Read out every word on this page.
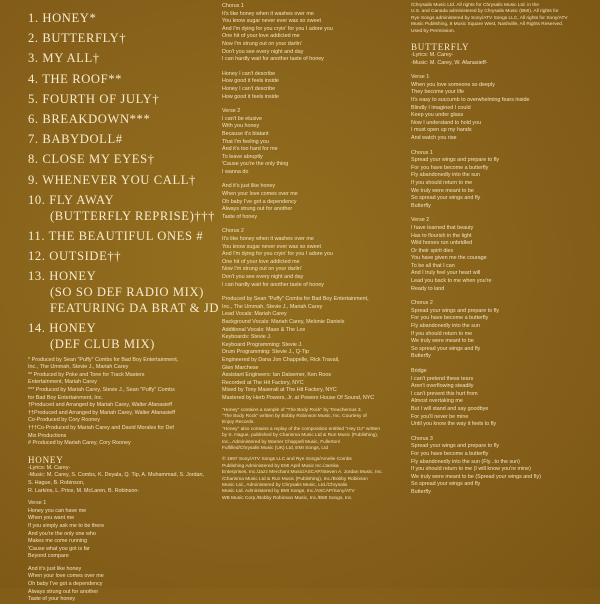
1. HONEY*
2. BUTTERFLY†
3. MY ALL†
4. THE ROOF**
5. FOURTH OF JULY†
6. BREAKDOWN***
7. BABYDOLL#
8. CLOSE MY EYES†
9. WHENEVER YOU CALL†
10. FLY AWAY
(BUTTERFLY REPRISE)†††
11. THE BEAUTIFUL ONES #
12. OUTSIDE††
13. HONEY
(SO SO DEF RADIO MIX)
FEATURING DA BRAT & JD
14. HONEY
(DEF CLUB MIX)

* Produced by Sean "Puffy" Combs for Bad Boy Entertainment,

Inc., The Ummah, Stevie J., Mariah Carey

** Produced by Poke and Tone for Track Masters

Entertainment, Mariah Carey

*** Produced by Mariah Carey, Stevie J., Sean "Puffy" Combs

for Bad Boy Entertainment, Inc.

†Produced and Arranged by Mariah Carey, Walter Afanasieff

††Produced and Arranged by Mariah Carey, Walter Afanasieff

Co-Produced by Cory Rooney

†††Co-Produced by Mariah Carey and David Morales for Def

Mix Productions

# Produced by Mariah Carey, Cory Rooney

HONEY

-Lyrics: M. Carey-

-Music: M. Carey, S. Combs, K. Deyala, Q. Tip, A. Muhammad, S. Jordan, S. Hague, B. Robinson,

R. Larkins, L. Price, M. McLaren, B. Robinson-

Verse 1

Honey you can have me

When you want me

If you simply ask me to be there

And you're the only one who

Makes me come running

'Cause what you got is far

Beyond compare

And it's just like honey

When your love comes over me

Oh baby I've got a dependency

Always strung out for another

Taste of your honey

Chorus 1

It's like honey when it washes over me

You know sugar never ever was so sweet

And I'm dying for you cryin' for you I adore you

One hit of your love addicted me

Now I'm strung out on your darlin'

Don't you see every night and day

I can hardly wait for another taste of honey

Honey I can't describe

How good it feels inside

Honey I can't describe

How good it feels inside

Verse 2

I can't be elusive

With you honey

Because it's blatant

That I'm feeling you

And it's too hard for me

To leave abruptly

'Cause you're the only thing

I wanna do

And it's just like honey

When your love comes over me

Oh baby I've got a dependency

Always strung out for another

Taste of honey

Chorus 2

It's like honey when it washes over me

You know sugar never ever was so sweet

And I'm dying for you cryin' for you I adore you

One hit of your love addicted me

Now I'm strung out on your darlin'

Don't you see every night and day

I can hardly wait for another taste of honey

Produced by Sean "Puffy" Combs for Bad Boy Entertainment,

Inc., The Ummah, Stevie J., Mariah Carey

Lead Vocals: Mariah Carey

Background Vocals: Mariah Carey, Melonie Daniels

Additional Vocals: Mase & The Lox

Keyboards: Stevie J.

Keyboard Programming: Stevie J.

Drum Programming: Stevie J., Q-Tip

Engineered by Dana Jon Chappelle, Rick Travali,

Glen Marchese

Assistant Engineers: Ian Dalsemer, Ken Roos

Recorded at The Hit Factory, NYC

Mixed by Tony Maserati at The Hit Factory, NYC

Mastered by Herb Powers, Jr. at Powers House Of Sound, NYC

"Honey" contains a sample of "The Body Rock" by Treacherous 3.

"The Body Rock" written by Bobby Robinson Music, Inc. Courtesy of

Enjoy Records.

"Honey" also contains a replay of the composition entitled "Hey DJ" written

by S. Hague, published by Charisma Music Ltd & Run Music (Publishing),

Inc., Administered by Warner Chappell Music, Fullerton/

Fulfilled/Chrysalis Music (UK) Ltd, EMI Songs, Ltd

© 1997 Sony/ATV Songs LLC and Rye Songs/Amelie Combs

Publishing Administered by EMI April Music Inc./Jamka

Enterprises, Inc./Jazz Merchant Music/ASCAP/Steven A. Jordan Music, Inc.

/Charisma Music Ltd & Run Music (Publishing), Inc./Bobby Robinson

Music Ltd., Administered by Chrysalis Music, Ltd./Chrysalis

Music Ltd. Administered by BMI Songs, Inc./ASCAP/Sony/ATV

WB Music Corp./Bobby Robinson Music, Inc./BMI Songs, Inc.

/Chrysalis Music Ltd. All rights for Chrysalis Music Ltd. in the

U.S. and Canada administered by Chrysalis Music (BMI). All rights for

Rye Songs administered by Sony/ATV Songs LLC, All rights for Sony/ATV

Music Publishing, 8 Music Square West, Nashville, All Rights Reserved.

Used by Permission.

BUTTERFLY

-Lyrics: M. Carey-

-Music: M. Carey, W. Afanasieff-

Verse 1

When you love someone so deeply

They become your life

It's easy to succumb to overwhelming fears inside

Blindly I imagined I could

Keep you under glass

Now I understand to hold you

I must open up my hands

And watch you rise

Chorus 1

Spread your wings and prepare to fly

For you have become a butterfly

Fly abandonedly into the sun

If you should return to me

We truly were meant to be

So spread your wings and fly

Butterfly

Verse 2

I have learned that beauty

Has to flourish in the light

Wild horses run unbridled

Or their spirit dies

You have given me the courage

To be all that I can

And I truly feel your heart will

Lead you back to me when you're

Ready to land

Chorus 2

Spread your wings and prepare to fly

For you have become a butterfly

Fly abandonedly into the sun

If you should return to me

We truly were meant to be

So spread your wings and fly

Butterfly

Bridge

I can't pretend these tears

Aren't overflowing steadily

I can't prevent this hurt from

Almost overtaking me

But I will stand and say goodbye

For you'll never be mine

Until you know the way it feels to fly

Chorus 3

Spread your wings and prepare to fly

For you have become a butterfly

Fly abandonedly into the sun (Fly...to the sun)

If you should return to me (I will know you're mine)

We truly were meant to be (Spread your wings and fly)

So spread your wings and fly

Butterfly
